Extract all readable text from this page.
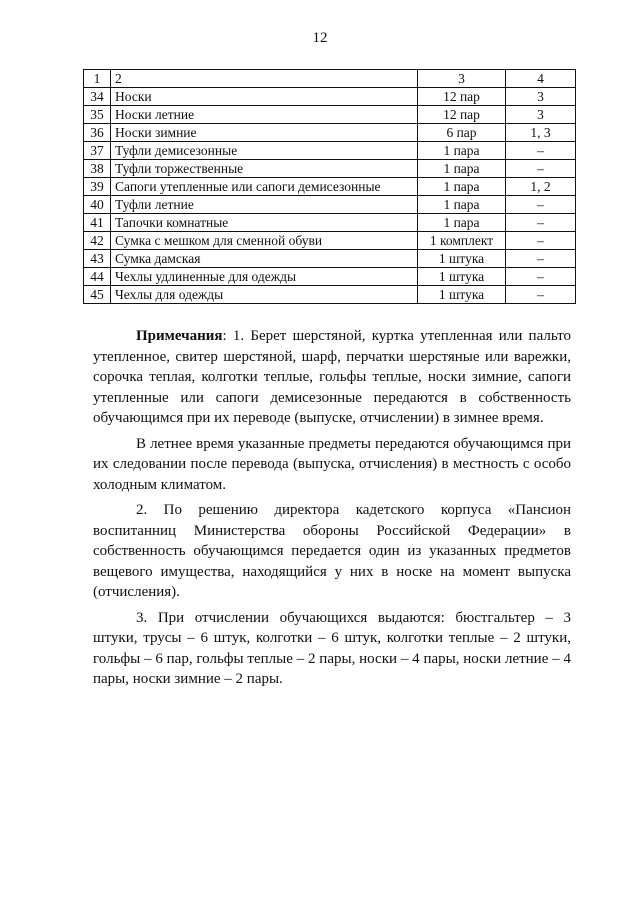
12
1	2	3	4
34	Носки	12 пар	3
35	Носки летние	12 пар	3
36	Носки зимние	6 пар	1, 3
37	Туфли демисезонные	1 пара	–
38	Туфли торжественные	1 пара	–
39	Сапоги утепленные или сапоги демисезонные	1 пара	1, 2
40	Туфли летние	1 пара	–
41	Тапочки комнатные	1 пара	–
42	Сумка с мешком для сменной обуви	1 комплект	–
43	Сумка дамская	1 штука	–
44	Чехлы удлиненные для одежды	1 штука	–
45	Чехлы для одежды	1 штука	–

Примечания: 1. Берет шерстяной, куртка утепленная или пальто утепленное, свитер шерстяной, шарф, перчатки шерстяные или варежки, сорочка теплая, колготки теплые, гольфы теплые, носки зимние, сапоги утепленные или сапоги демисезонные передаются в собственность обучающимся при их переводе (выпуске, отчислении) в зимнее время.

В летнее время указанные предметы передаются обучающимся при их следовании после перевода (выпуска, отчисления) в местность с особо холодным климатом.

2. По решению директора кадетского корпуса «Пансион воспитанниц Министерства обороны Российской Федерации» в собственность обучающимся передается один из указанных предметов вещевого имущества, находящийся у них в носке на момент выпуска (отчисления).

3. При отчислении обучающихся выдаются: бюстгальтер – 3 штуки, трусы – 6 штук, колготки – 6 штук, колготки теплые – 2 штуки, гольфы – 6 пар, гольфы теплые – 2 пары, носки – 4 пары, носки летние – 4 пары, носки зимние – 2 пары.
